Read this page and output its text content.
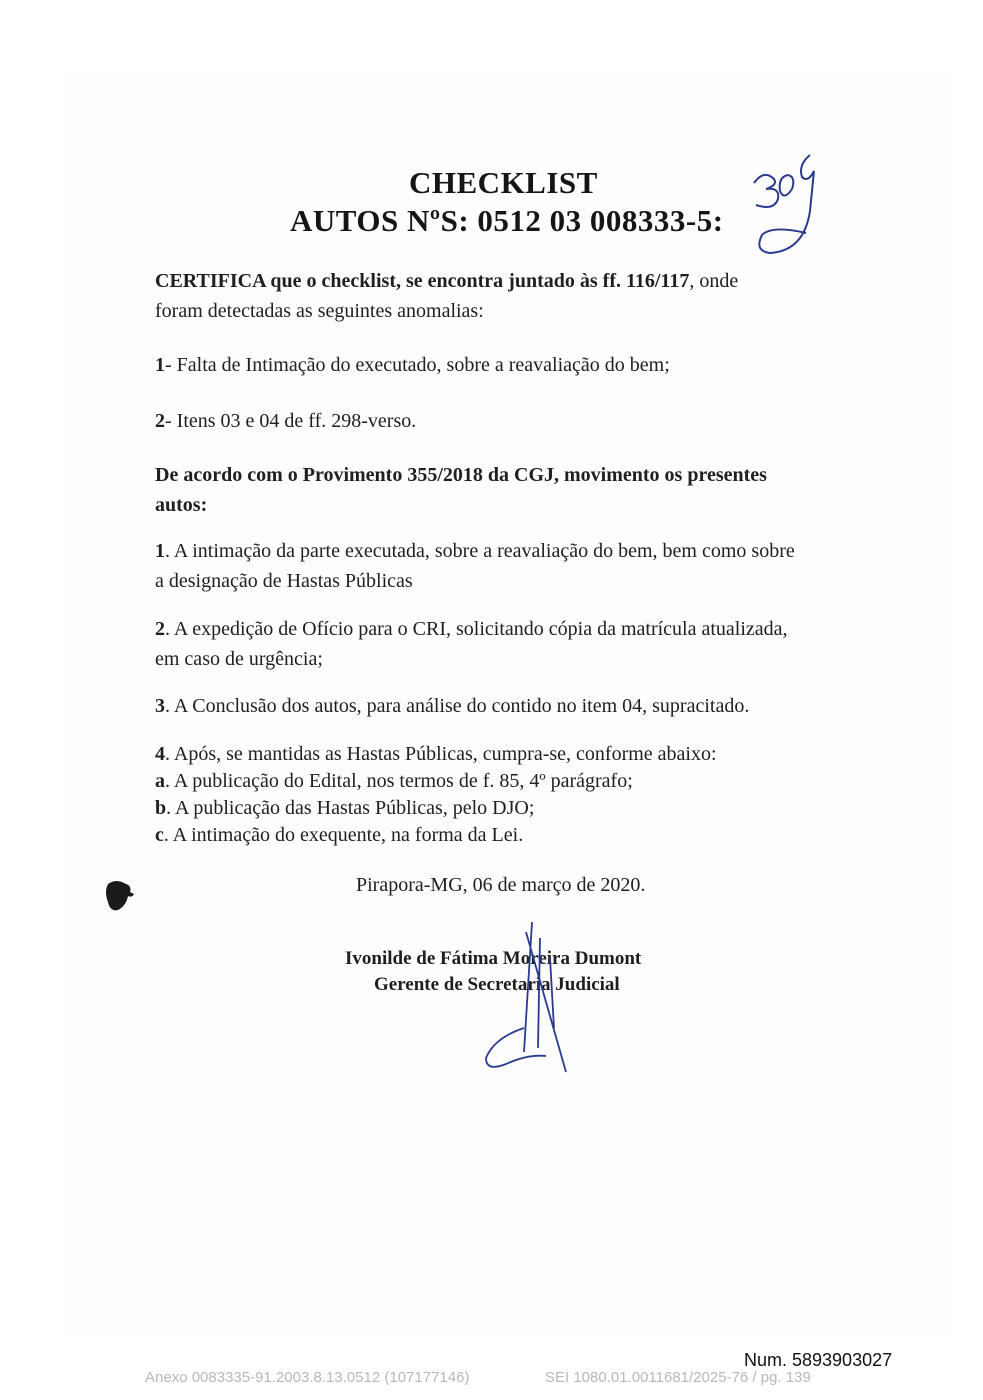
CHECKLIST
AUTOS NºS: 0512 03 008333-5:
CERTIFICA que o checklist, se encontra juntado às ff. 116/117, onde
foram detectadas as seguintes anomalias:
1- Falta de Intimação do executado, sobre a reavaliação do bem;
2- Itens 03 e 04 de ff. 298-verso.
De acordo com o Provimento 355/2018 da CGJ, movimento os presentes
autos:
1. A intimação da parte executada, sobre a reavaliação do bem, bem como sobre
a designação de Hastas Públicas
2. A expedição de Ofício para o CRI, solicitando cópia da matrícula atualizada,
em caso de urgência;
3. A Conclusão dos autos, para análise do contido no item 04, supracitado.
4. Após, se mantidas as Hastas Públicas, cumpra-se, conforme abaixo:
a. A publicação do Edital, nos termos de f. 85, 4º parágrafo;
b. A publicação das Hastas Públicas, pelo DJO;
c. A intimação do exequente, na forma da Lei.
Pirapora-MG, 06 de março de 2020.
Ivonilde de Fátima Moreira Dumont
Gerente de Secretaria Judicial
Num. 5893903027
Anexo 0083335-91.2003.8.13.0512 (107177146)	SEI 1080.01.0011681/2025-76 / pg. 139
